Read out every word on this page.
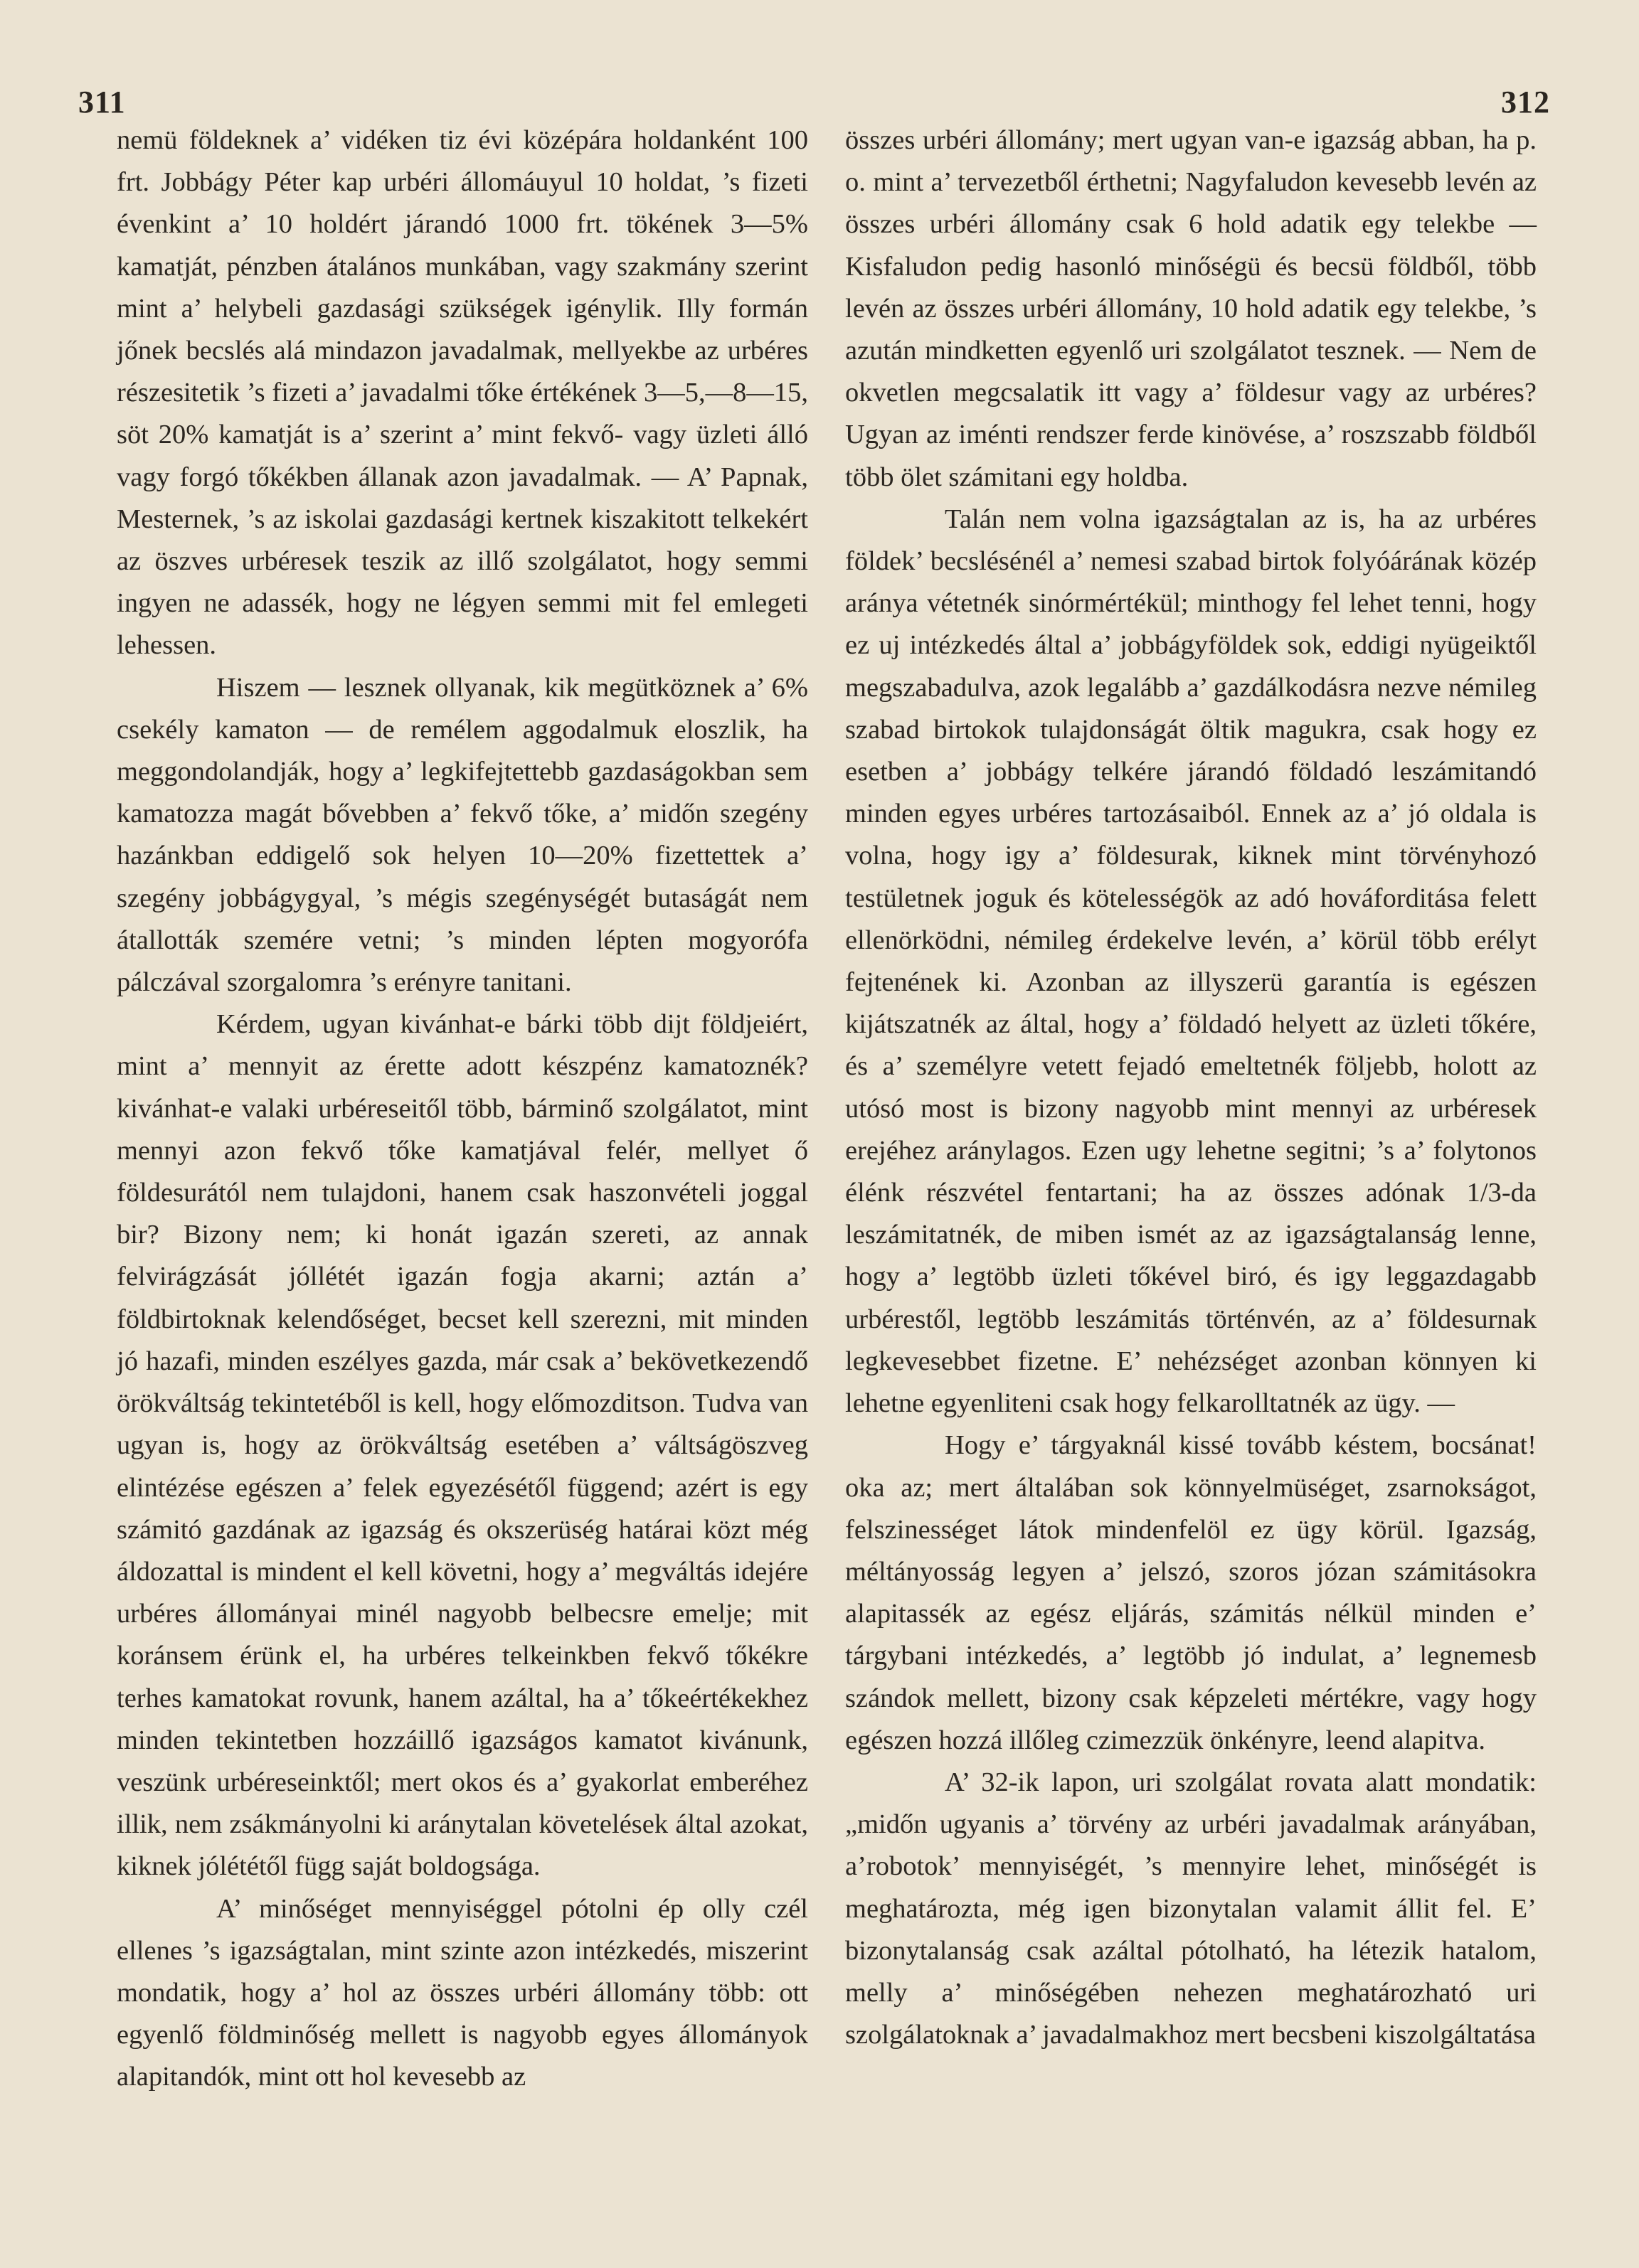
311	312

nemü földeknek a’ vidéken tiz évi középára holdanként 100 frt. Jobbágy Péter kap urbéri állomáuyul 10 holdat, ’s fizeti évenkint a’ 10 holdért járandó 1000 frt. tökének 3—5% kamatját, pénzben átalános munkában, vagy szakmány szerint mint a’ helybeli gazdasági szükségek igénylik. Illy formán jőnek becslés alá mindazon javadalmak, mellyekbe az urbéres részesitetik ’s fizeti a’ javadalmi tőke értékének 3—5,—8—15, söt 20% kamatját is a’ szerint a’ mint fekvő- vagy üzleti álló vagy forgó tőkékben állanak azon javadalmak. — A’ Papnak, Mesternek, ’s az iskolai gazdasági kertnek kiszakitott telkekért az öszves urbéresek teszik az illő szolgálatot, hogy semmi ingyen ne adassék, hogy ne légyen semmi mit fel emlegeti lehessen.

Hiszem — lesznek ollyanak, kik megütköznek a’ 6% csekély kamaton — de remélem aggodalmuk eloszlik, ha meggondolandják, hogy a’ legkifejtettebb gazdaságokban sem kamatozza magát bővebben a’ fekvő tőke, a’ midőn szegény hazánkban eddigelő sok helyen 10—20% fizettettek a’ szegény jobbágygyal, ’s mégis szegénységét butaságát nem átallották szemére vetni; ’s minden lépten mogyorófa pálczával szorgalomra ’s erényre tanitani.

Kérdem, ugyan kivánhat-e bárki több dijt földjeiért, mint a’ mennyit az érette adott készpénz kamatoznék? kivánhat-e valaki urbéreseitől több, bárminő szolgálatot, mint mennyi azon fekvő tőke kamatjával felér, mellyet ő földesurától nem tulajdoni, hanem csak haszonvételi joggal bir? Bizony nem; ki honát igazán szereti, az annak felvirágzását jóllétét igazán fogja akarni; aztán a’ földbirtoknak kelendőséget, becset kell szerezni, mit minden jó hazafi, minden eszélyes gazda, már csak a’ bekövetkezendő örökváltság tekintetéből is kell, hogy előmozditson. Tudva van ugyan is, hogy az örökváltság esetében a’ váltságöszveg elintézése egészen a’ felek egyezésétől függend; azért is egy számitó gazdának az igazság és okszerüség határai közt még áldozattal is mindent el kell követni, hogy a’ megváltás idejére urbéres állományai minél nagyobb belbecsre emelje; mit koránsem érünk el, ha urbéres telkeinkben fekvő tőkékre terhes kamatokat rovunk, hanem azáltal, ha a’ tőkeértékekhez minden tekintetben hozzáillő igazságos kamatot kivánunk, veszünk urbéreseinktől; mert okos és a’ gyakorlat emberéhez illik, nem zsákmányolni ki aránytalan követelések által azokat, kiknek jólététől függ saját boldogsága.

A’ minőséget mennyiséggel pótolni ép olly czél ellenes ’s igazságtalan, mint szinte azon intézkedés, miszerint mondatik, hogy a’ hol az összes urbéri állomány több: ott egyenlő földminőség mellett is nagyobb egyes állományok alapitandók, mint ott hol kevesebb az

összes urbéri állomány; mert ugyan van-e igazság abban, ha p. o. mint a’ tervezetből érthetni; Nagyfaludon kevesebb levén az összes urbéri állomány csak 6 hold adatik egy telekbe — Kisfaludon pedig hasonló minőségü és becsü földből, több levén az összes urbéri állomány, 10 hold adatik egy telekbe, ’s azután mindketten egyenlő uri szolgálatot tesznek. — Nem de okvetlen megcsalatik itt vagy a’ földesur vagy az urbéres? Ugyan az iménti rendszer ferde kinövése, a’ roszszabb földből több ölet számitani egy holdba.

Talán nem volna igazságtalan az is, ha az urbéres földek’ becslésénél a’ nemesi szabad birtok folyóárának közép aránya vétetnék sinórmértékül; minthogy fel lehet tenni, hogy ez uj intézkedés által a’ jobbágyföldek sok, eddigi nyügeiktől megszabadulva, azok legalább a’ gazdálkodásra nezve némileg szabad birtokok tulajdonságát öltik magukra, csak hogy ez esetben a’ jobbágy telkére járandó földadó leszámitandó minden egyes urbéres tartozásaiból. Ennek az a’ jó oldala is volna, hogy igy a’ földesurak, kiknek mint törvényhozó testületnek joguk és kötelességök az adó hováforditása felett ellenörködni, némileg érdekelve levén, a’ körül több erélyt fejtenének ki. Azonban az illyszerü garantía is egészen kijátszatnék az által, hogy a’ földadó helyett az üzleti tőkére, és a’ személyre vetett fejadó emeltetnék följebb, holott az utósó most is bizony nagyobb mint mennyi az urbéresek erejéhez aránylagos. Ezen ugy lehetne segitni; ’s a’ folytonos élénk részvétel fentartani; ha az összes adónak 1/3-da leszámitatnék, de miben ismét az az igazságtalanság lenne, hogy a’ legtöbb üzleti tőkével biró, és igy leggazdagabb urbérestől, legtöbb leszámitás történvén, az a’ földesurnak legkevesebbet fizetne. E’ nehézséget azonban könnyen ki lehetne egyenliteni csak hogy felkarolltatnék az ügy. —

Hogy e’ tárgyaknál kissé tovább késtem, bocsánat! oka az; mert általában sok könnyelmüséget, zsarnokságot, felszinességet látok mindenfelöl ez ügy körül. Igazság, méltányosság legyen a’ jelszó, szoros józan számitásokra alapitassék az egész eljárás, számitás nélkül minden e’ tárgybani intézkedés, a’ legtöbb jó indulat, a’ legnemesb szándok mellett, bizony csak képzeleti mértékre, vagy hogy egészen hozzá illőleg czimezzük önkényre, leend alapitva.

A’ 32-ik lapon, uri szolgálat rovata alatt mondatik: „midőn ugyanis a’ törvény az urbéri javadalmak arányában, a’robotok’ mennyiségét, ’s mennyire lehet, minőségét is meghatározta, még igen bizonytalan valamit állit fel. E’ bizonytalanság csak azáltal pótolható, ha létezik hatalom, melly a’ minőségében nehezen meghatározható uri szolgálatoknak a’ javadalmakhoz mert becsbeni kiszolgáltatása
